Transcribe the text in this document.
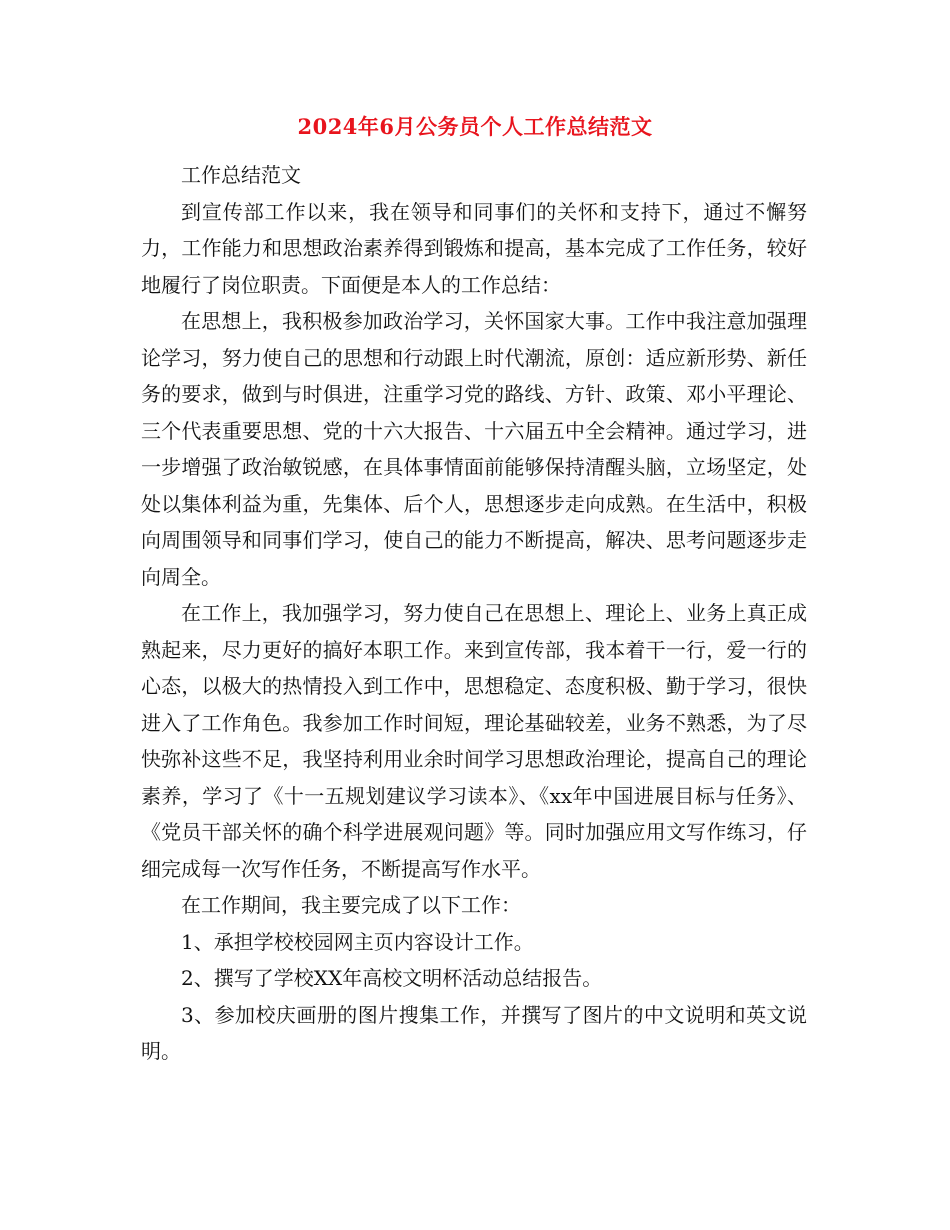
2024年6月公务员个人工作总结范文

工作总结范文

到宣传部工作以来，我在领导和同事们的关怀和支持下，通过不懈努力，工作能力和思想政治素养得到锻炼和提高，基本完成了工作任务，较好地履行了岗位职责。下面便是本人的工作总结：

在思想上，我积极参加政治学习，关怀国家大事。工作中我注意加强理论学习，努力使自己的思想和行动跟上时代潮流，原创：适应新形势、新任务的要求，做到与时俱进，注重学习党的路线、方针、政策、邓小平理论、三个代表重要思想、党的十六大报告、十六届五中全会精神。通过学习，进一步增强了政治敏锐感，在具体事情面前能够保持清醒头脑，立场坚定，处处以集体利益为重，先集体、后个人，思想逐步走向成熟。在生活中，积极向周围领导和同事们学习，使自己的能力不断提高，解决、思考问题逐步走向周全。

在工作上，我加强学习，努力使自己在思想上、理论上、业务上真正成熟起来，尽力更好的搞好本职工作。来到宣传部，我本着干一行，爱一行的心态，以极大的热情投入到工作中，思想稳定、态度积极、勤于学习，很快进入了工作角色。我参加工作时间短，理论基础较差，业务不熟悉，为了尽快弥补这些不足，我坚持利用业余时间学习思想政治理论，提高自己的理论素养，学习了《十一五规划建议学习读本》、《xx年中国进展目标与任务》、《党员干部关怀的确个科学进展观问题》等。同时加强应用文写作练习，仔细完成每一次写作任务，不断提高写作水平。

在工作期间，我主要完成了以下工作：

1、承担学校校园网主页内容设计工作。

2、撰写了学校XX年高校文明杯活动总结报告。

3、参加校庆画册的图片搜集工作，并撰写了图片的中文说明和英文说明。
